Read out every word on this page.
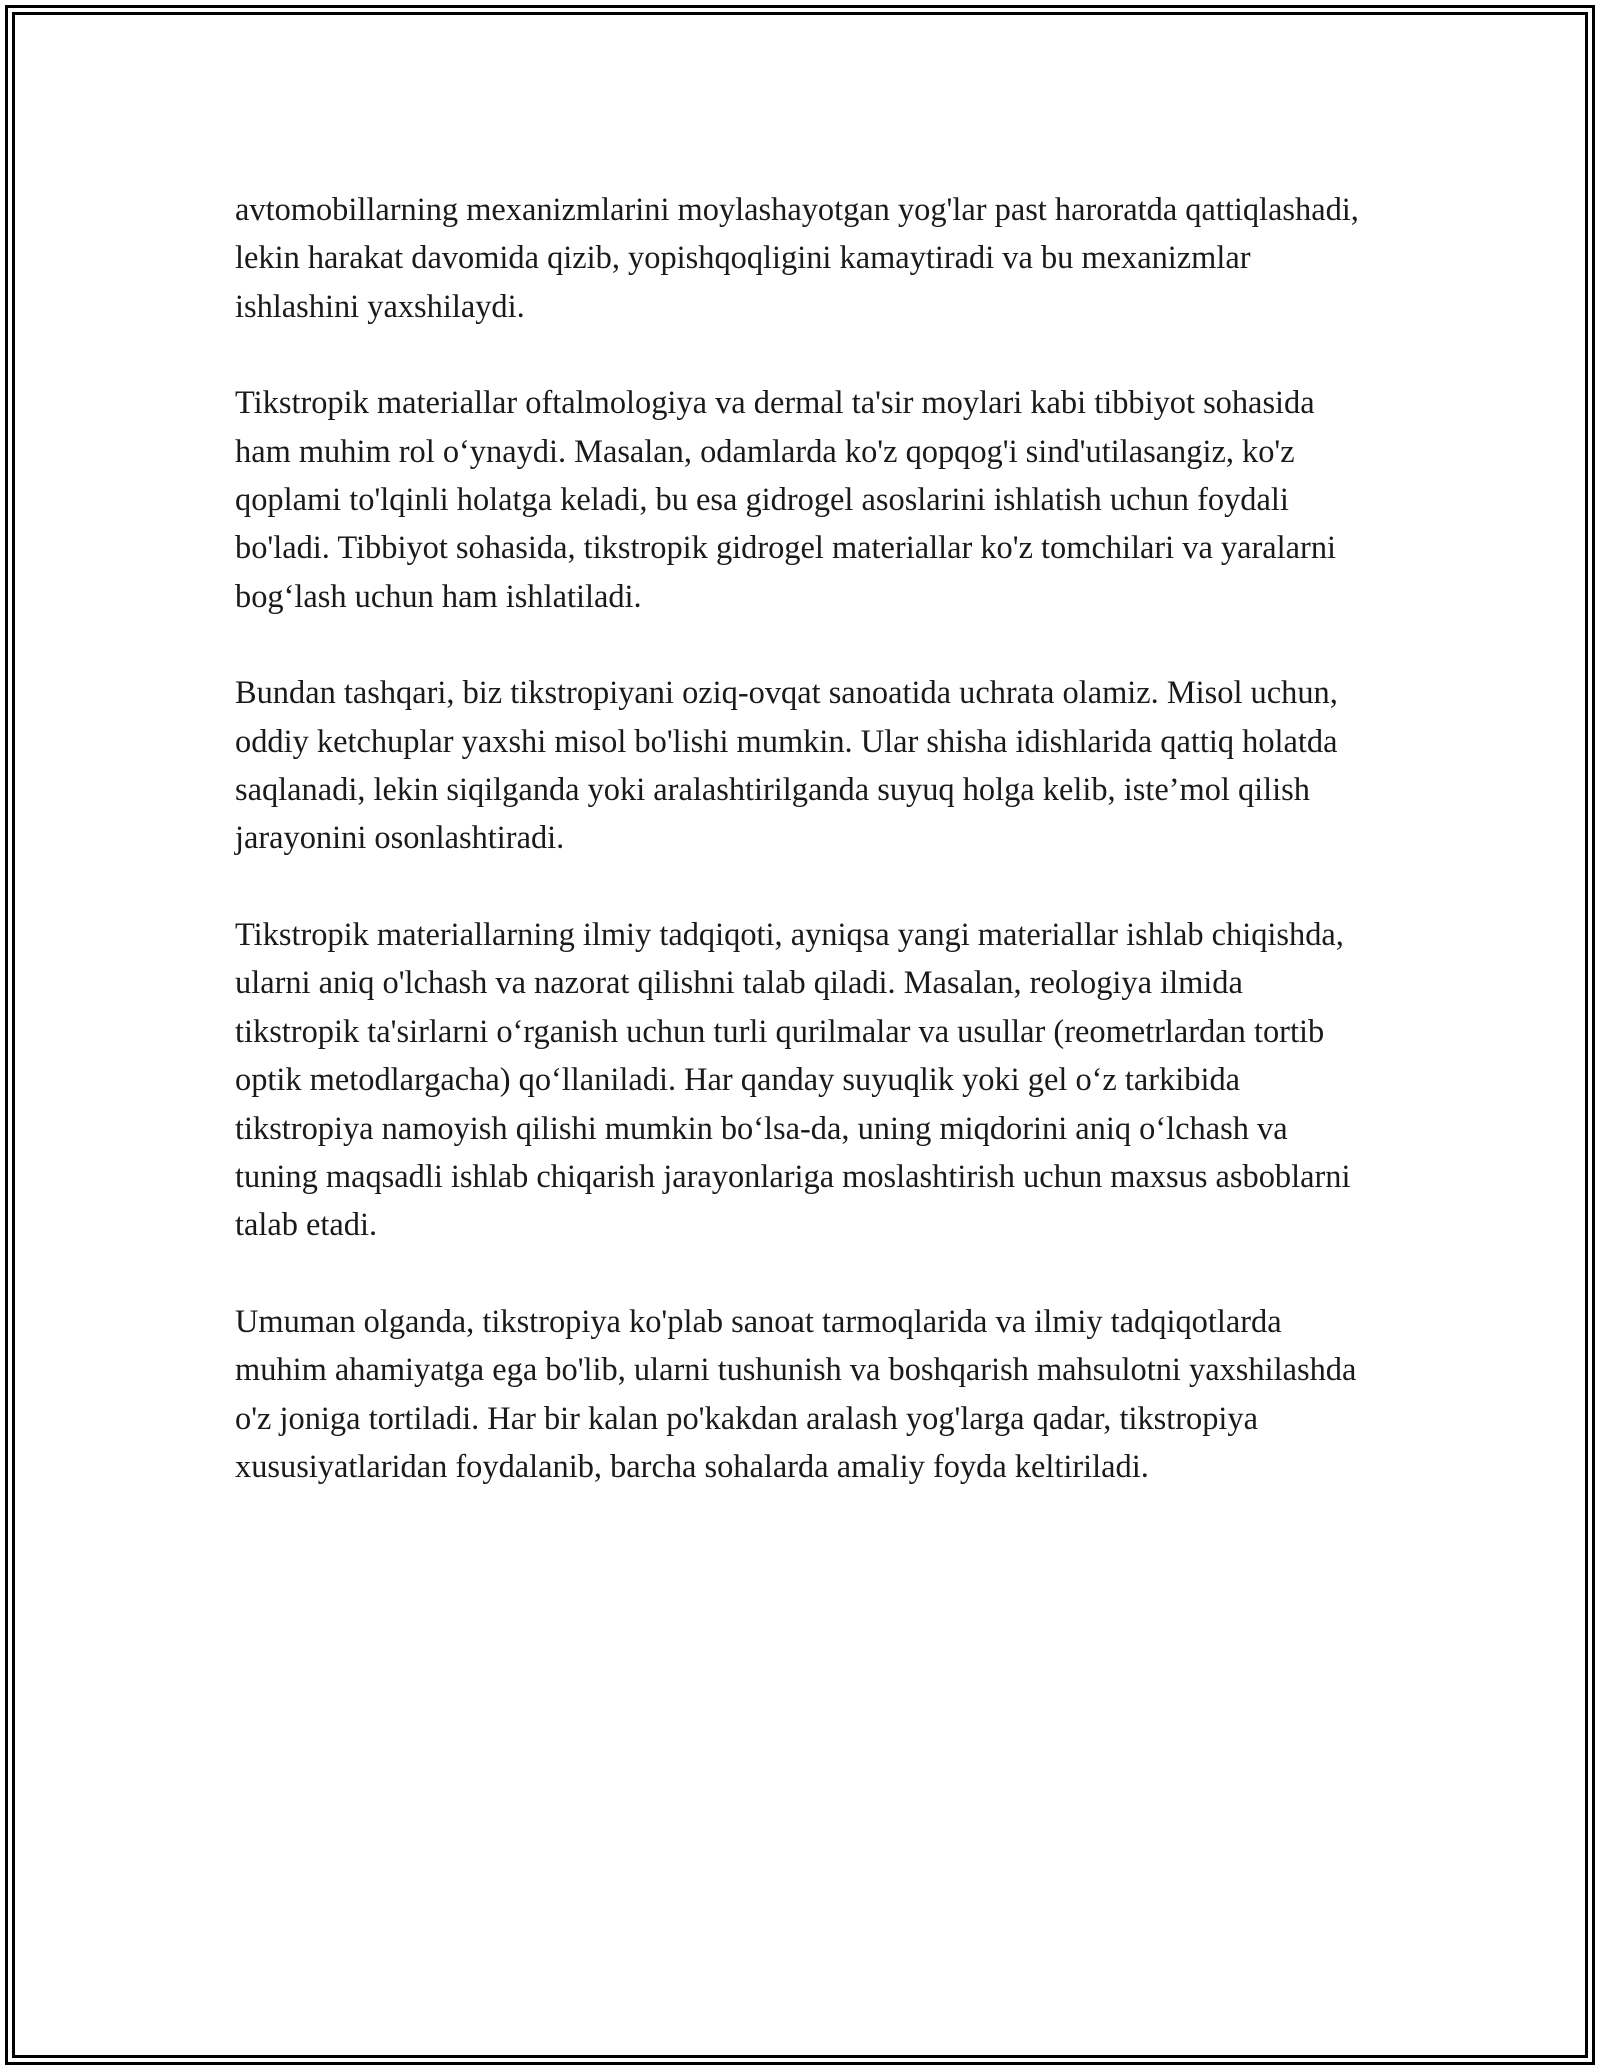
avtomobillarning mexanizmlarini moylashayotgan yog'lar past haroratda qattiqlashadi, lekin harakat davomida qizib, yopishqoqligini kamaytiradi va bu mexanizmlar ishlashini yaxshilaydi.

Tikstropik materiallar oftalmologiya va dermal ta'sir moylari kabi tibbiyot sohasida ham muhim rol o‘ynaydi. Masalan, odamlarda ko'z qopqog'i sind'utilasangiz, ko'z qoplami to'lqinli holatga keladi, bu esa gidrogel asoslarini ishlatish uchun foydali bo'ladi. Tibbiyot sohasida, tikstropik gidrogel materiallar ko'z tomchilari va yaralarni bog‘lash uchun ham ishlatiladi.

Bundan tashqari, biz tikstropiyani oziq-ovqat sanoatida uchrata olamiz. Misol uchun, oddiy ketchuplar yaxshi misol bo'lishi mumkin. Ular shisha idishlarida qattiq holatda saqlanadi, lekin siqilganda yoki aralashtirilganda suyuq holga kelib, iste’mol qilish jarayonini osonlashtiradi.

Tikstropik materiallarning ilmiy tadqiqoti, ayniqsa yangi materiallar ishlab chiqishda, ularni aniq o'lchash va nazorat qilishni talab qiladi. Masalan, reologiya ilmida tikstropik ta'sirlarni o‘rganish uchun turli qurilmalar va usullar (reometrlardan tortib optik metodlargacha) qo‘llaniladi. Har qanday suyuqlik yoki gel o‘z tarkibida tikstropiya namoyish qilishi mumkin bo‘lsa-da, uning miqdorini aniq o‘lchash va tuning maqsadli ishlab chiqarish jarayonlariga moslashtirish uchun maxsus asboblarni talab etadi.

Umuman olganda, tikstropiya ko'plab sanoat tarmoqlarida va ilmiy tadqiqotlarda muhim ahamiyatga ega bo'lib, ularni tushunish va boshqarish mahsulotni yaxshilashda o'z joniga tortiladi. Har bir kalan po'kakdan aralash yog'larga qadar, tikstropiya xususiyatlaridan foydalanib, barcha sohalarda amaliy foyda keltiriladi.
